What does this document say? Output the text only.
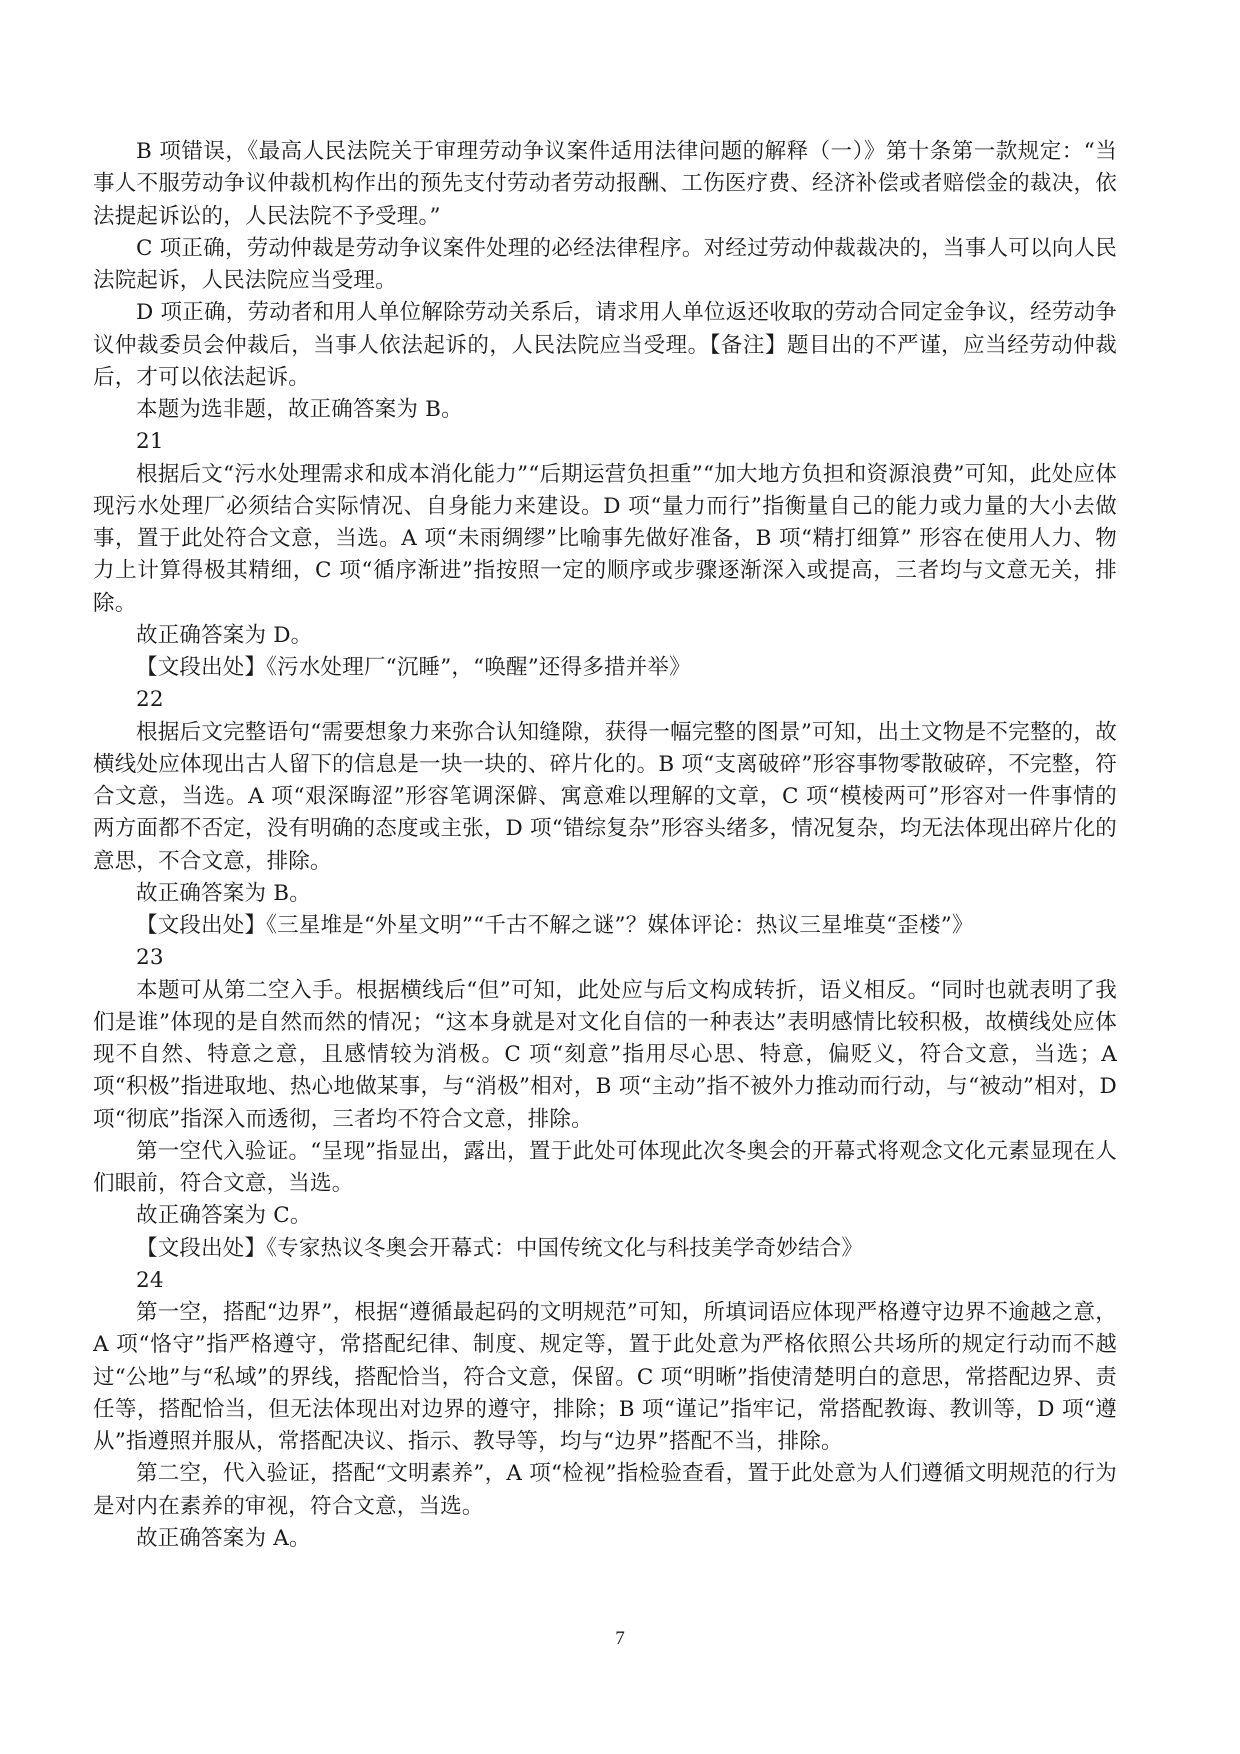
B 项错误，《最高人民法院关于审理劳动争议案件适用法律问题的解释（一）》第十条第一款规定：“当事人不服劳动争议仲裁机构作出的预先支付劳动者劳动报酬、工伤医疗费、经济补偿或者赔偿金的裁决，依法提起诉讼的，人民法院不予受理。”

C 项正确，劳动仲裁是劳动争议案件处理的必经法律程序。对经过劳动仲裁裁决的，当事人可以向人民法院起诉，人民法院应当受理。

D 项正确，劳动者和用人单位解除劳动关系后，请求用人单位返还收取的劳动合同定金争议，经劳动争议仲裁委员会仲裁后，当事人依法起诉的，人民法院应当受理。【备注】题目出的不严谨，应当经劳动仲裁后，才可以依法起诉。

本题为选非题，故正确答案为 B。

21

根据后文“污水处理需求和成本消化能力”“后期运营负担重”“加大地方负担和资源浪费”可知，此处应体现污水处理厂必须结合实际情况、自身能力来建设。D 项“量力而行”指衡量自己的能力或力量的大小去做事，置于此处符合文意，当选。A 项“未雨绸缪”比喻事先做好准备，B 项“精打细算” 形容在使用人力、物力上计算得极其精细，C 项“循序渐进”指按照一定的顺序或步骤逐渐深入或提高，三者均与文意无关，排除。

故正确答案为 D。

【文段出处】《污水处理厂“沉睡”，“唤醒”还得多措并举》

22

根据后文完整语句“需要想象力来弥合认知缝隙，获得一幅完整的图景”可知，出土文物是不完整的，故横线处应体现出古人留下的信息是一块一块的、碎片化的。B 项“支离破碎”形容事物零散破碎，不完整，符合文意，当选。A 项“艰深晦涩”形容笔调深僻、寓意难以理解的文章，C 项“模棱两可”形容对一件事情的两方面都不否定，没有明确的态度或主张，D 项“错综复杂”形容头绪多，情况复杂，均无法体现出碎片化的意思，不合文意，排除。

故正确答案为 B。

【文段出处】《三星堆是“外星文明”“千古不解之谜”？媒体评论：热议三星堆莫“歪楼”》

23

本题可从第二空入手。根据横线后“但”可知，此处应与后文构成转折，语义相反。“同时也就表明了我们是谁”体现的是自然而然的情况；“这本身就是对文化自信的一种表达”表明感情比较积极，故横线处应体现不自然、特意之意，且感情较为消极。C 项“刻意”指用尽心思、特意，偏贬义，符合文意，当选；A 项“积极”指进取地、热心地做某事，与“消极”相对，B 项“主动”指不被外力推动而行动，与“被动”相对，D 项“彻底”指深入而透彻，三者均不符合文意，排除。

第一空代入验证。“呈现”指显出，露出，置于此处可体现此次冬奥会的开幕式将观念文化元素显现在人们眼前，符合文意，当选。

故正确答案为 C。

【文段出处】《专家热议冬奥会开幕式：中国传统文化与科技美学奇妙结合》

24

第一空，搭配“边界”，根据“遵循最起码的文明规范”可知，所填词语应体现严格遵守边界不逾越之意，A 项“恪守”指严格遵守，常搭配纪律、制度、规定等，置于此处意为严格依照公共场所的规定行动而不越过“公地”与“私域”的界线，搭配恰当，符合文意，保留。C 项“明晰”指使清楚明白的意思，常搭配边界、责任等，搭配恰当，但无法体现出对边界的遵守，排除；B 项“谨记”指牢记，常搭配教诲、教训等，D 项“遵从”指遵照并服从，常搭配决议、指示、教导等，均与“边界”搭配不当，排除。

第二空，代入验证，搭配“文明素养”，A 项“检视”指检验查看，置于此处意为人们遵循文明规范的行为是对内在素养的审视，符合文意，当选。

故正确答案为 A。

7
